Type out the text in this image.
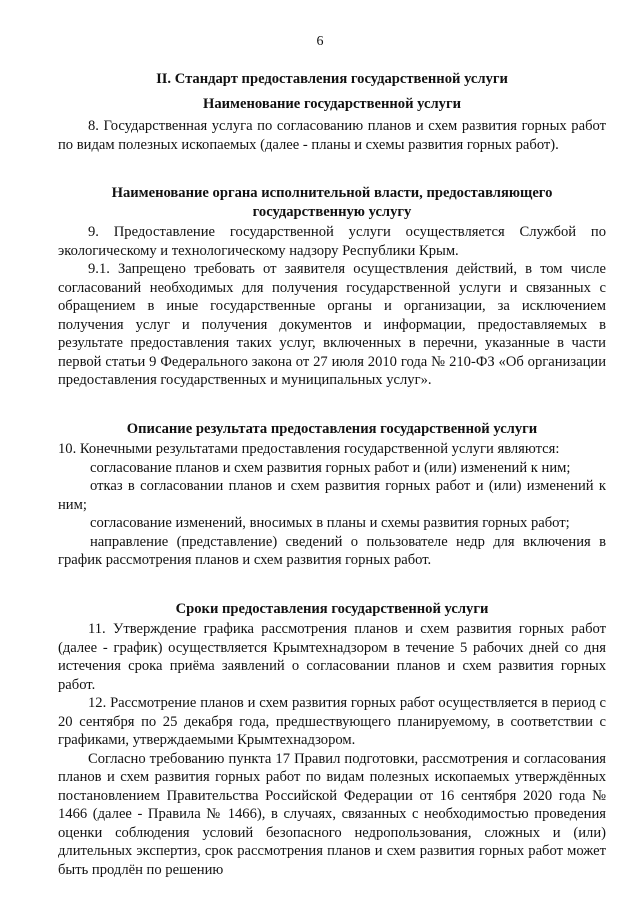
6
II. Стандарт предоставления государственной услуги
Наименование государственной услуги

8. Государственная услуга по согласованию планов и схем развития горных работ по видам полезных ископаемых (далее - планы и схемы развития горных работ).

Наименование органа исполнительной власти, предоставляющего государственную услугу

9. Предоставление государственной услуги осуществляется Службой по экологическому и технологическому надзору Республики Крым.

9.1. Запрещено требовать от заявителя осуществления действий, в том числе согласований необходимых для получения государственной услуги и связанных с обращением в иные государственные органы и организации, за исключением получения услуг и получения документов и информации, предоставляемых в результате предоставления таких услуг, включенных в перечни, указанные в части первой статьи 9 Федерального закона от 27 июля 2010 года № 210-ФЗ «Об организации предоставления государственных и муниципальных услуг».

Описание результата предоставления государственной услуги

10. Конечными результатами предоставления государственной услуги являются:

согласование планов и схем развития горных работ и (или) изменений к ним;

отказ в согласовании планов и схем развития горных работ и (или) изменений к ним;

согласование изменений, вносимых в планы и схемы развития горных работ;

направление (представление) сведений о пользователе недр для включения в график рассмотрения планов и схем развития горных работ.

Сроки предоставления государственной услуги

11. Утверждение графика рассмотрения планов и схем развития горных работ (далее - график) осуществляется Крымтехнадзором в течение 5 рабочих дней со дня истечения срока приёма заявлений о согласовании планов и схем развития горных работ.

12. Рассмотрение планов и схем развития горных работ осуществляется в период с 20 сентября по 25 декабря года, предшествующего планируемому, в соответствии с графиками, утверждаемыми Крымтехнадзором.

Согласно требованию пункта 17 Правил подготовки, рассмотрения и согласования планов и схем развития горных работ по видам полезных ископаемых утверждённых постановлением Правительства Российской Федерации от 16 сентября 2020 года № 1466 (далее - Правила № 1466), в случаях, связанных с необходимостью проведения оценки соблюдения условий безопасного недропользования, сложных и (или) длительных экспертиз, срок рассмотрения планов и схем развития горных работ может быть продлён по решению
